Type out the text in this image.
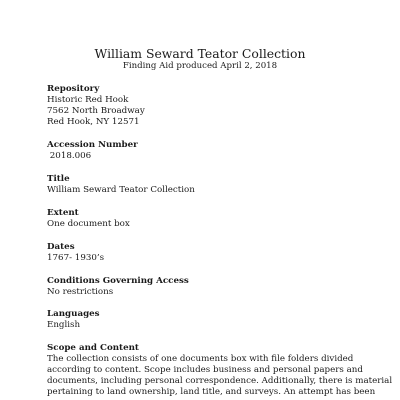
William Seward Teator Collection
Finding Aid produced April 2, 2018
Repository
Historic Red Hook
7562 North Broadway
Red Hook, NY 12571
Accession Number
2018.006
Title
William Seward Teator Collection
Extent
One document box
Dates
1767- 1930’s
Conditions Governing Access
No restrictions
Languages
English
Scope and Content
The collection consists of one documents box with file folders divided
according to content. Scope includes business and personal papers and
documents, including personal correspondence. Additionally, there is material
pertaining to land ownership, land title, and surveys. An attempt has been
